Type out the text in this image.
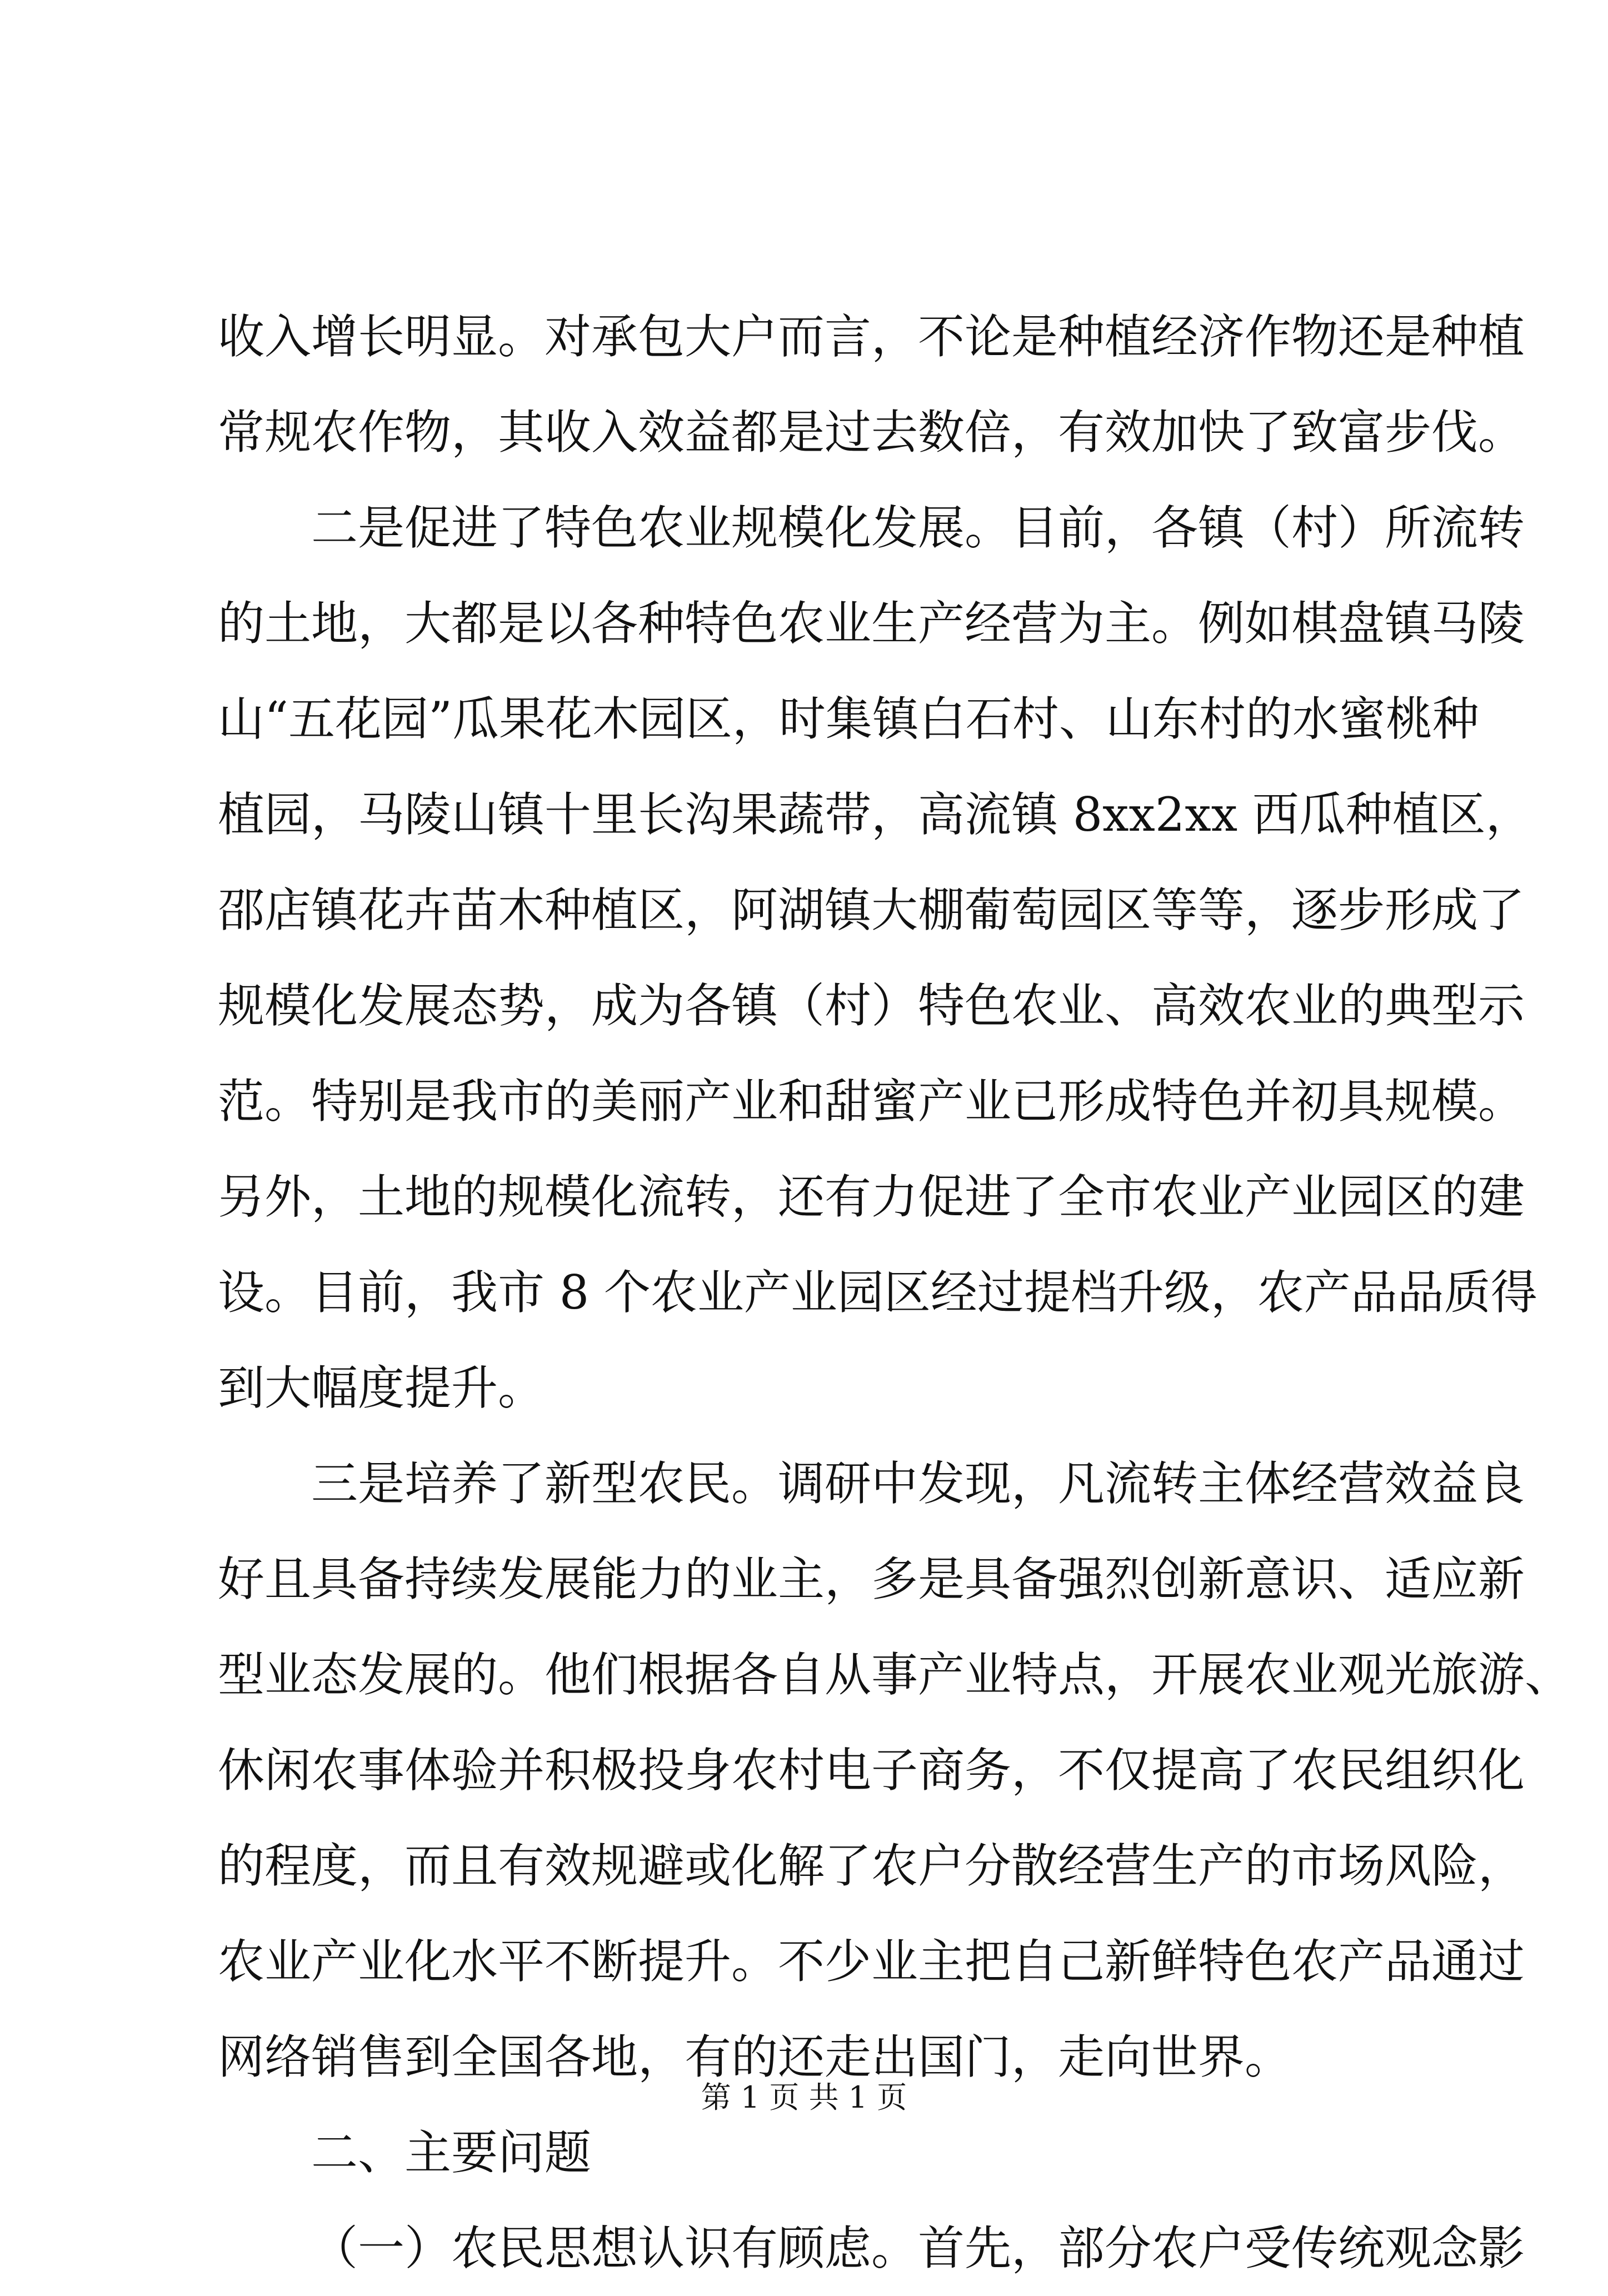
收入增长明显。对承包大户而言，不论是种植经济作物还是种植
常规农作物，其收入效益都是过去数倍，有效加快了致富步伐。
二是促进了特色农业规模化发展。目前，各镇（村）所流转
的土地，大都是以各种特色农业生产经营为主。例如棋盘镇马陵
山“五花园”瓜果花木园区，时集镇白石村、山东村的水蜜桃种
植园，马陵山镇十里长沟果蔬带，高流镇 8xx2xx 西瓜种植区，
邵店镇花卉苗木种植区，阿湖镇大棚葡萄园区等等，逐步形成了
规模化发展态势，成为各镇（村）特色农业、高效农业的典型示
范。特别是我市的美丽产业和甜蜜产业已形成特色并初具规模。
另外，土地的规模化流转，还有力促进了全市农业产业园区的建
设。目前，我市 8 个农业产业园区经过提档升级，农产品品质得
到大幅度提升。
三是培养了新型农民。调研中发现，凡流转主体经营效益良
好且具备持续发展能力的业主，多是具备强烈创新意识、适应新
型业态发展的。他们根据各自从事产业特点，开展农业观光旅游、
休闲农事体验并积极投身农村电子商务，不仅提高了农民组织化
的程度，而且有效规避或化解了农户分散经营生产的市场风险，
农业产业化水平不断提升。不少业主把自己新鲜特色农产品通过
网络销售到全国各地，有的还走出国门，走向世界。
二、主要问题
（一）农民思想认识有顾虑。首先，部分农户受传统观念影
第 1 页 共 1 页
